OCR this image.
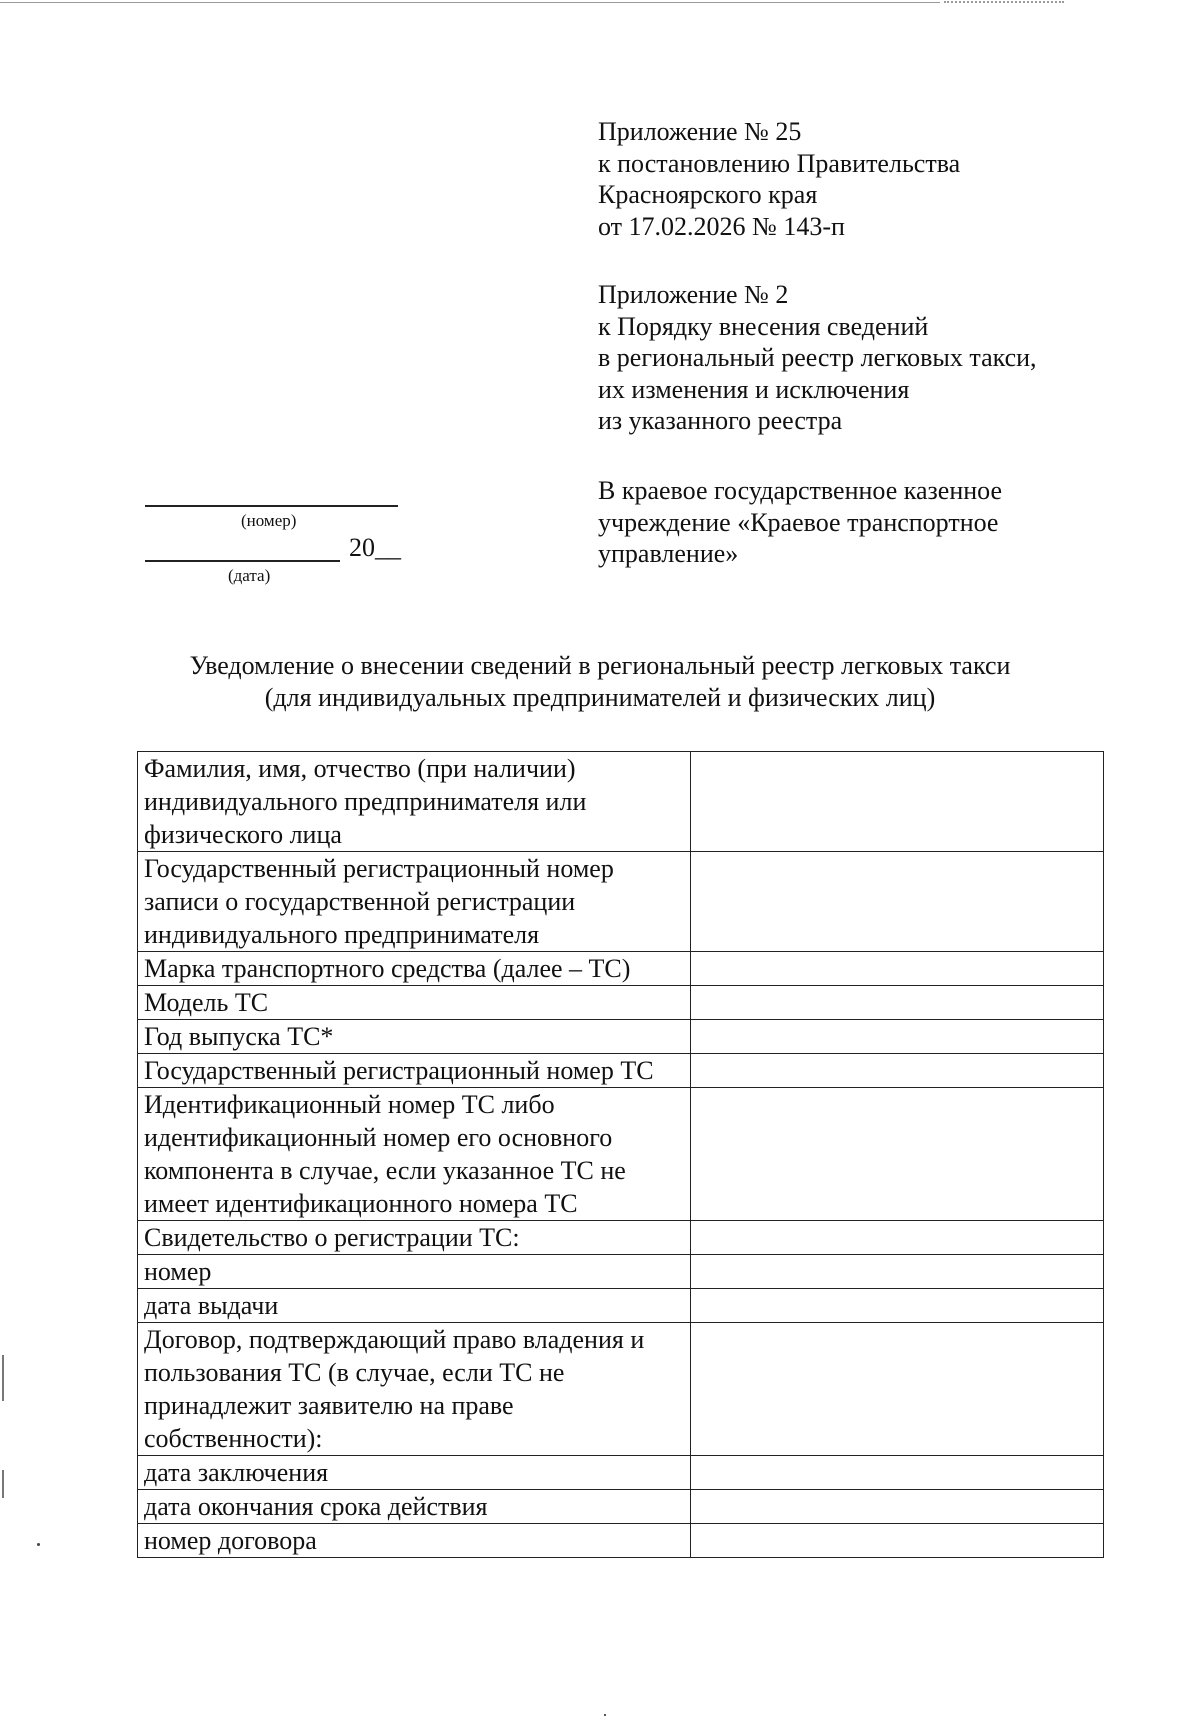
Приложение № 25
к постановлению Правительства
Красноярского края
от 17.02.2026 № 143-п
Приложение № 2
к Порядку внесения сведений
в региональный реестр легковых такси,
их изменения и исключения
из указанного реестра
В краевое государственное казенное
учреждение «Краевое транспортное
управление»
(номер)
20__
(дата)
Уведомление о внесении сведений в региональный реестр легковых такси
(для индивидуальных предпринимателей и физических лиц)
Фамилия, имя, отчество (при наличии) индивидуального предпринимателя или физического лица	
Государственный регистрационный номер записи о государственной регистрации индивидуального предпринимателя	
Марка транспортного средства (далее – ТС)	
Модель ТС	
Год выпуска ТС*	
Государственный регистрационный номер ТС	
Идентификационный номер ТС либо идентификационный номер его основного компонента в случае, если указанное ТС не имеет идентификационного номера ТС	
Свидетельство о регистрации ТС:	
номер	
дата выдачи	
Договор, подтверждающий право владения и пользования ТС (в случае, если ТС не принадлежит заявителю на праве собственности):	
дата заключения	
дата окончания срока действия	
номер договора	
